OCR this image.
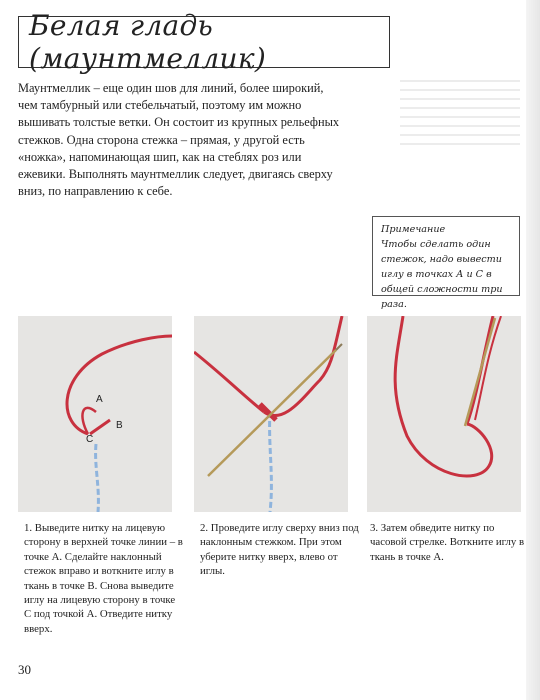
Белая гладь (маунтмеллик)
Маунтмеллик – еще один шов для линий, более широкий, чем тамбурный или стебельчатый, поэтому им можно вышивать толстые ветки. Он состоит из крупных рельефных стежков. Одна сторона стежка – прямая, у другой есть «ножка», напоминающая шип, как на стеблях роз или ежевики. Выполнять маунтмеллик следует, двигаясь сверху вниз, по направлению к себе.
Примечание
Чтобы сделать один стежок, надо вывести иглу в точках А и С в общей сложности три раза.
A
B
C
1. Выведите нитку на лицевую сторону в верхней точке линии – в точке А. Сделайте наклонный стежок вправо и воткните иглу в ткань в точке В. Снова выведите иглу на лицевую сторону в точке С под точкой А. Отведите нитку вверх.
2. Проведите иглу сверху вниз под наклонным стежком. При этом уберите нитку вверх, влево от иглы.
3. Затем обведите нитку по часовой стрелке. Воткните иглу в ткань в точке А.
30
